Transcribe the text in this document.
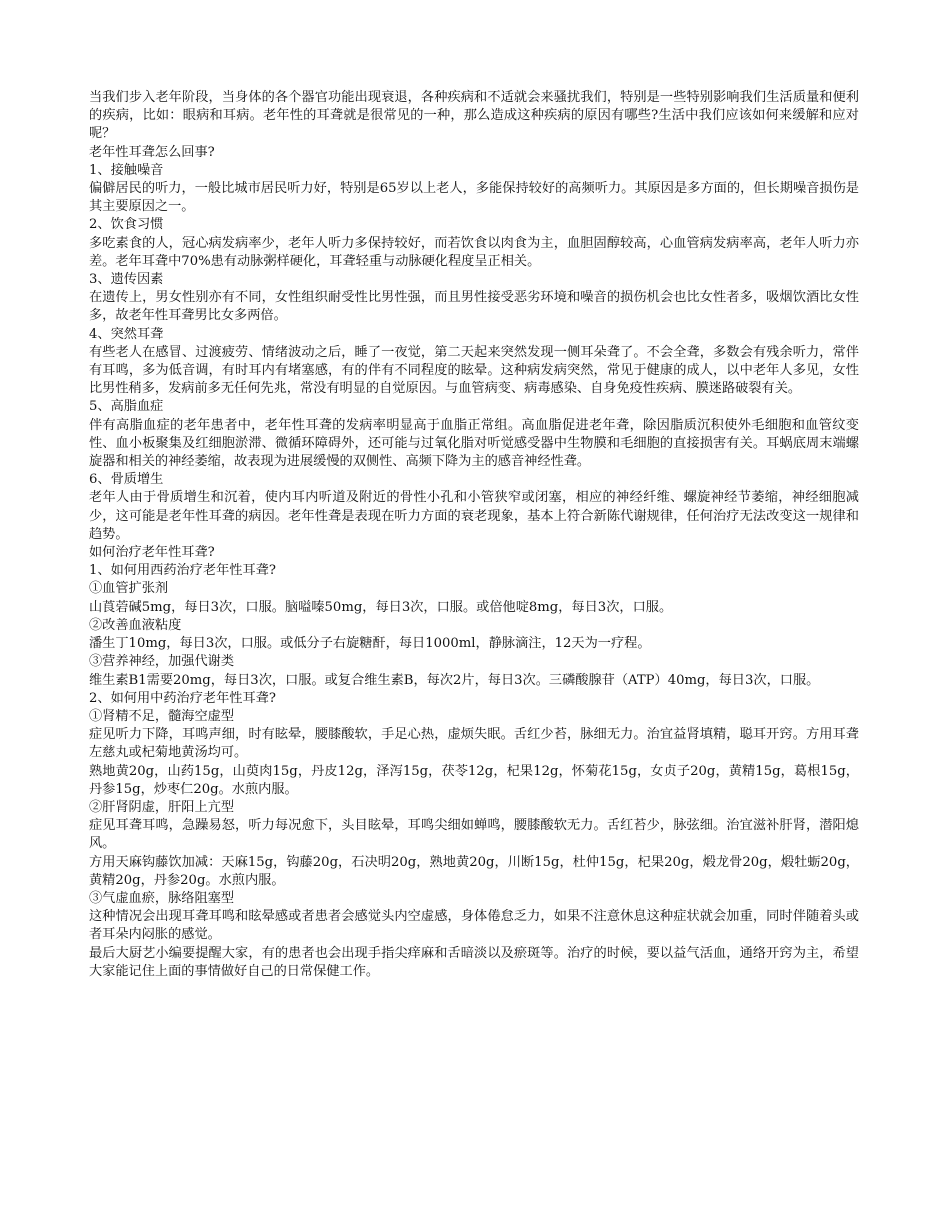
当我们步入老年阶段，当身体的各个器官功能出现衰退，各种疾病和不适就会来骚扰我们，特别是一些特别影响我们生活质量和便利的疾病，比如：眼病和耳病。老年性的耳聋就是很常见的一种，那么造成这种疾病的原因有哪些?生活中我们应该如何来缓解和应对呢？

老年性耳聋怎么回事?

1、接触噪音

偏僻居民的听力，一般比城市居民听力好，特别是65岁以上老人，多能保持较好的高频听力。其原因是多方面的，但长期噪音损伤是其主要原因之一。

2、饮食习惯

多吃素食的人，冠心病发病率少，老年人听力多保持较好，而若饮食以肉食为主，血胆固醇较高，心血管病发病率高，老年人听力亦差。老年耳聋中70%患有动脉粥样硬化，耳聋轻重与动脉硬化程度呈正相关。

3、遗传因素

在遗传上，男女性别亦有不同，女性组织耐受性比男性强，而且男性接受恶劣环境和噪音的损伤机会也比女性者多，吸烟饮酒比女性多，故老年性耳聋男比女多两倍。

4、突然耳聋

有些老人在感冒、过渡疲劳、情绪波动之后，睡了一夜觉，第二天起来突然发现一侧耳朵聋了。不会全聋，多数会有残余听力，常伴有耳鸣，多为低音调，有时耳内有堵塞感，有的伴有不同程度的眩晕。这种病发病突然，常见于健康的成人，以中老年人多见，女性比男性稍多，发病前多无任何先兆，常没有明显的自觉原因。与血管病变、病毒感染、自身免疫性疾病、膜迷路破裂有关。

5、高脂血症

伴有高脂血症的老年患者中，老年性耳聋的发病率明显高于血脂正常组。高血脂促进老年聋，除因脂质沉积使外毛细胞和血管纹变性、血小板聚集及红细胞淤滞、微循环障碍外，还可能与过氧化脂对听觉感受器中生物膜和毛细胞的直接损害有关。耳蜗底周末端螺旋器和相关的神经萎缩，故表现为进展缓慢的双侧性、高频下降为主的感音神经性聋。

6、骨质增生

老年人由于骨质增生和沉着，使内耳内听道及附近的骨性小孔和小管狭窄或闭塞，相应的神经纤维、螺旋神经节萎缩，神经细胞减少，这可能是老年性耳聋的病因。老年性聋是表现在听力方面的衰老现象，基本上符合新陈代谢规律，任何治疗无法改变这一规律和趋势。

如何治疗老年性耳聋?

1、如何用西药治疗老年性耳聋?

①血管扩张剂

山莨菪碱5mg，每日3次，口服。脑嗌嗪50mg，每日3次，口服。或倍他啶8mg，每日3次，口服。

②改善血液粘度

潘生丁10mg，每日3次，口服。或低分子右旋糖酐，每日1000ml，静脉滴注，12天为一疗程。

③营养神经，加强代谢类

维生素B1需要20mg，每日3次，口服。或复合维生素B，每次2片，每日3次。三磷酸腺苷（ATP）40mg，每日3次，口服。

2、如何用中药治疗老年性耳聋?

①肾精不足，髓海空虚型

症见听力下降，耳鸣声细，时有眩晕，腰膝酸软，手足心热，虚烦失眠。舌红少苔，脉细无力。治宜益肾填精，聪耳开窍。方用耳聋左慈丸或杞菊地黄汤均可。

熟地黄20g，山药15g，山萸肉15g，丹皮12g，泽泻15g，茯苓12g，杞果12g，怀菊花15g，女贞子20g，黄精15g，葛根15g，丹参15g，炒枣仁20g。水煎内服。

②肝肾阴虚，肝阳上亢型

症见耳聋耳鸣，急躁易怒，听力每况愈下，头目眩晕，耳鸣尖细如蝉鸣，腰膝酸软无力。舌红苔少，脉弦细。治宜滋补肝肾，潜阳熄风。

方用天麻钩藤饮加减：天麻15g，钩藤20g，石决明20g，熟地黄20g，川断15g，杜仲15g，杞果20g，煅龙骨20g，煅牡蛎20g，黄精20g，丹参20g。水煎内服。

③气虚血瘀，脉络阻塞型

这种情况会出现耳聋耳鸣和眩晕感或者患者会感觉头内空虚感，身体倦怠乏力，如果不注意休息这种症状就会加重，同时伴随着头或者耳朵内闷胀的感觉。

最后大厨艺小编要提醒大家，有的患者也会出现手指尖痒麻和舌暗淡以及瘀斑等。治疗的时候，要以益气活血，通络开窍为主，希望大家能记住上面的事情做好自己的日常保健工作。
